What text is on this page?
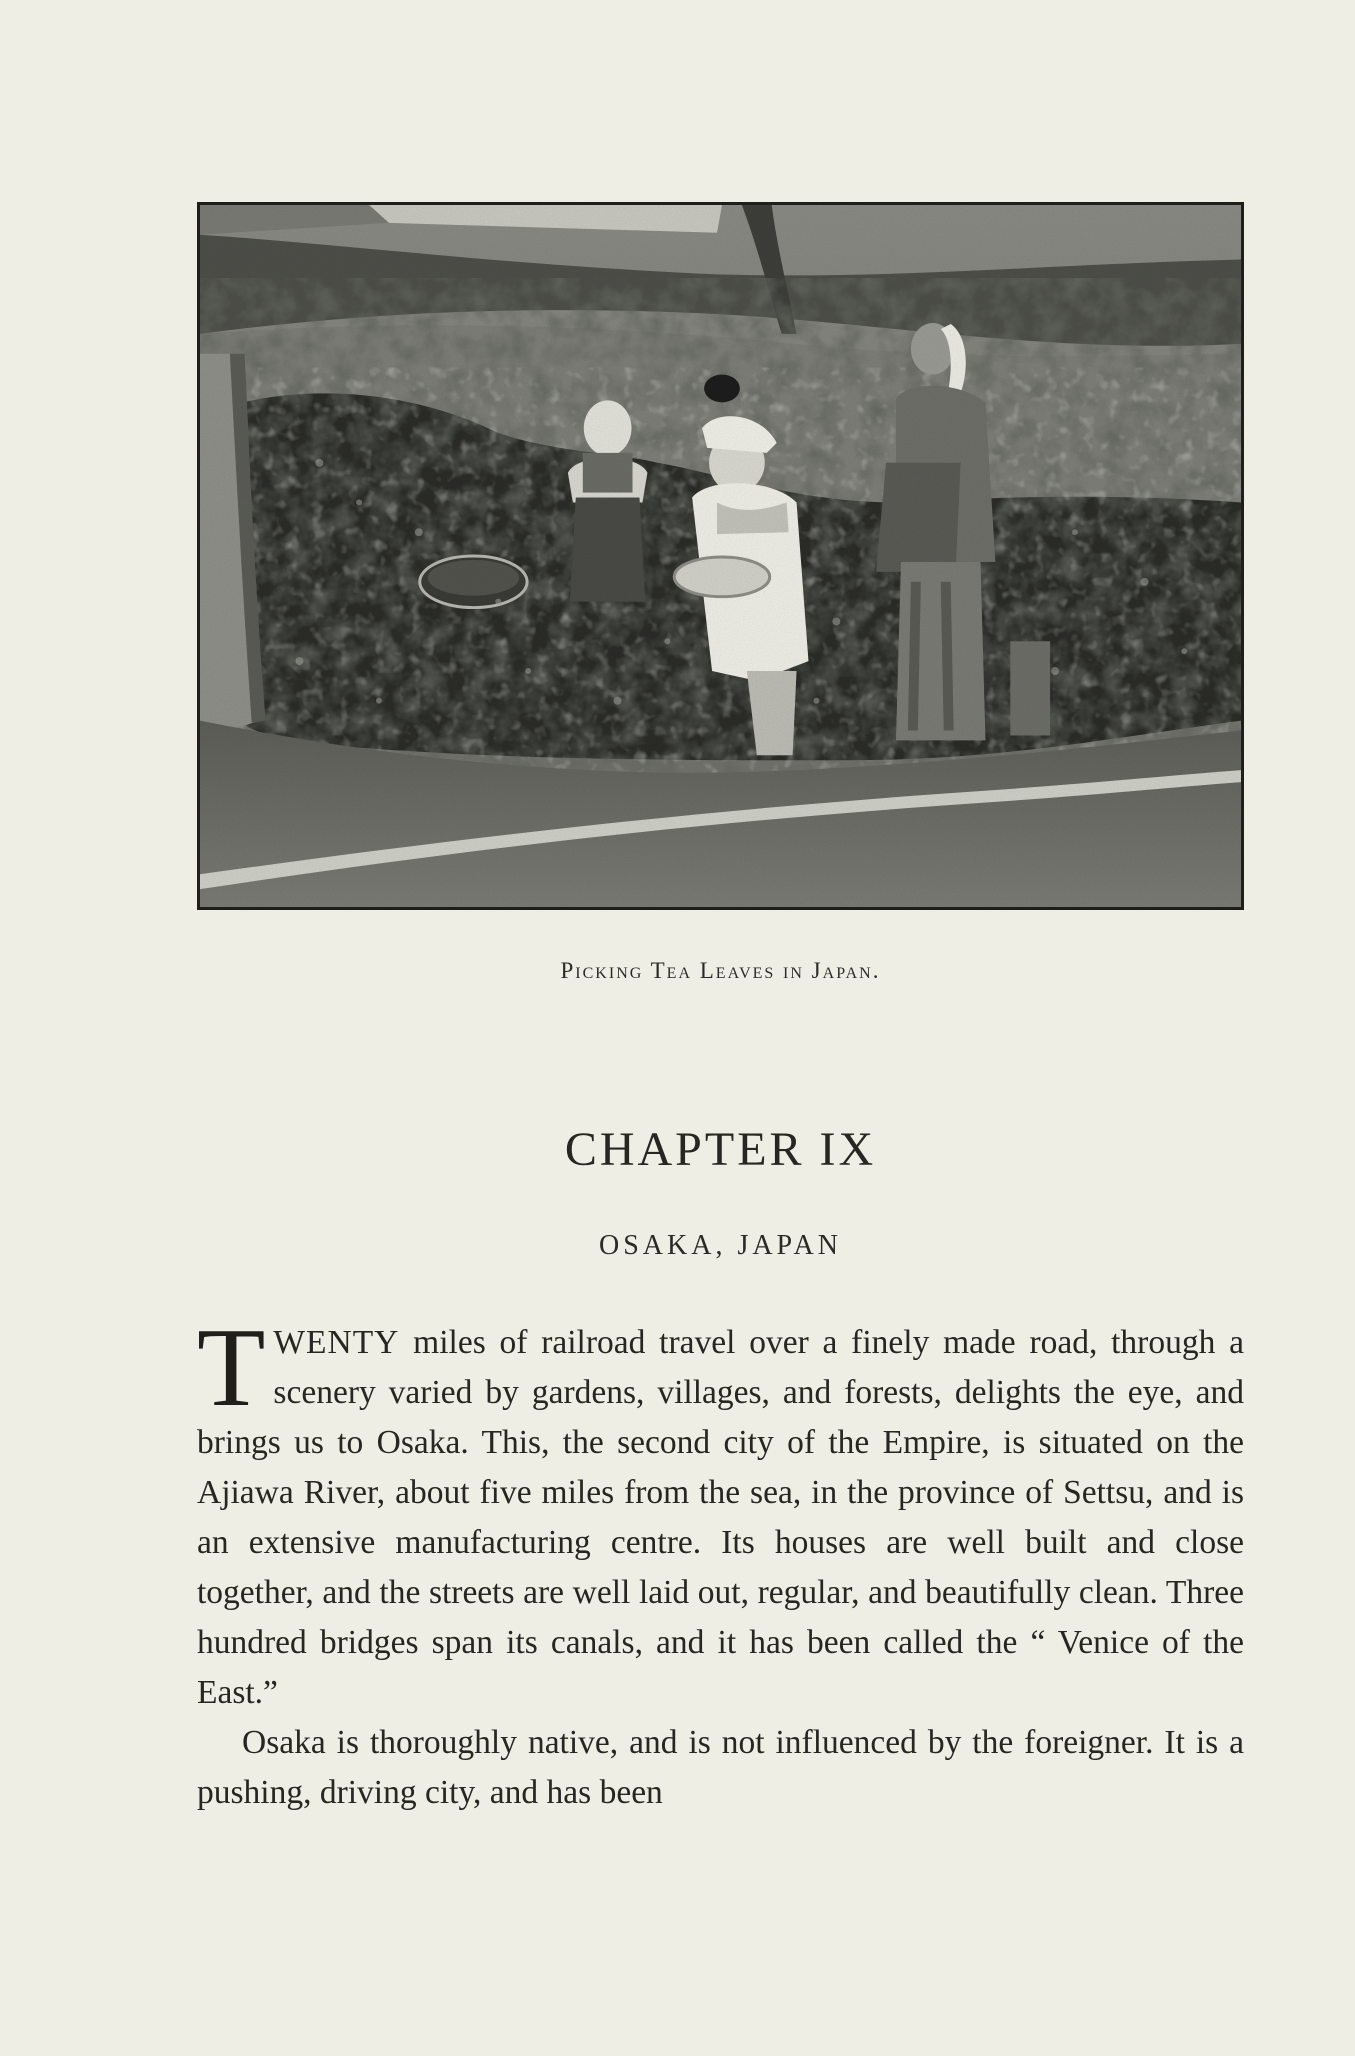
Picking Tea Leaves in Japan.
CHAPTER IX
OSAKA, JAPAN

TWENTY miles of railroad travel over a finely made road, through a scenery varied by gardens, villages, and forests, delights the eye, and brings us to Osaka. This, the second city of the Empire, is situated on the Ajiawa River, about five miles from the sea, in the province of Settsu, and is an extensive manufacturing centre. Its houses are well built and close together, and the streets are well laid out, regular, and beautifully clean. Three hundred bridges span its canals, and it has been called the “ Venice of the East.”

Osaka is thoroughly native, and is not influenced by the foreigner. It is a pushing, driving city, and has been
